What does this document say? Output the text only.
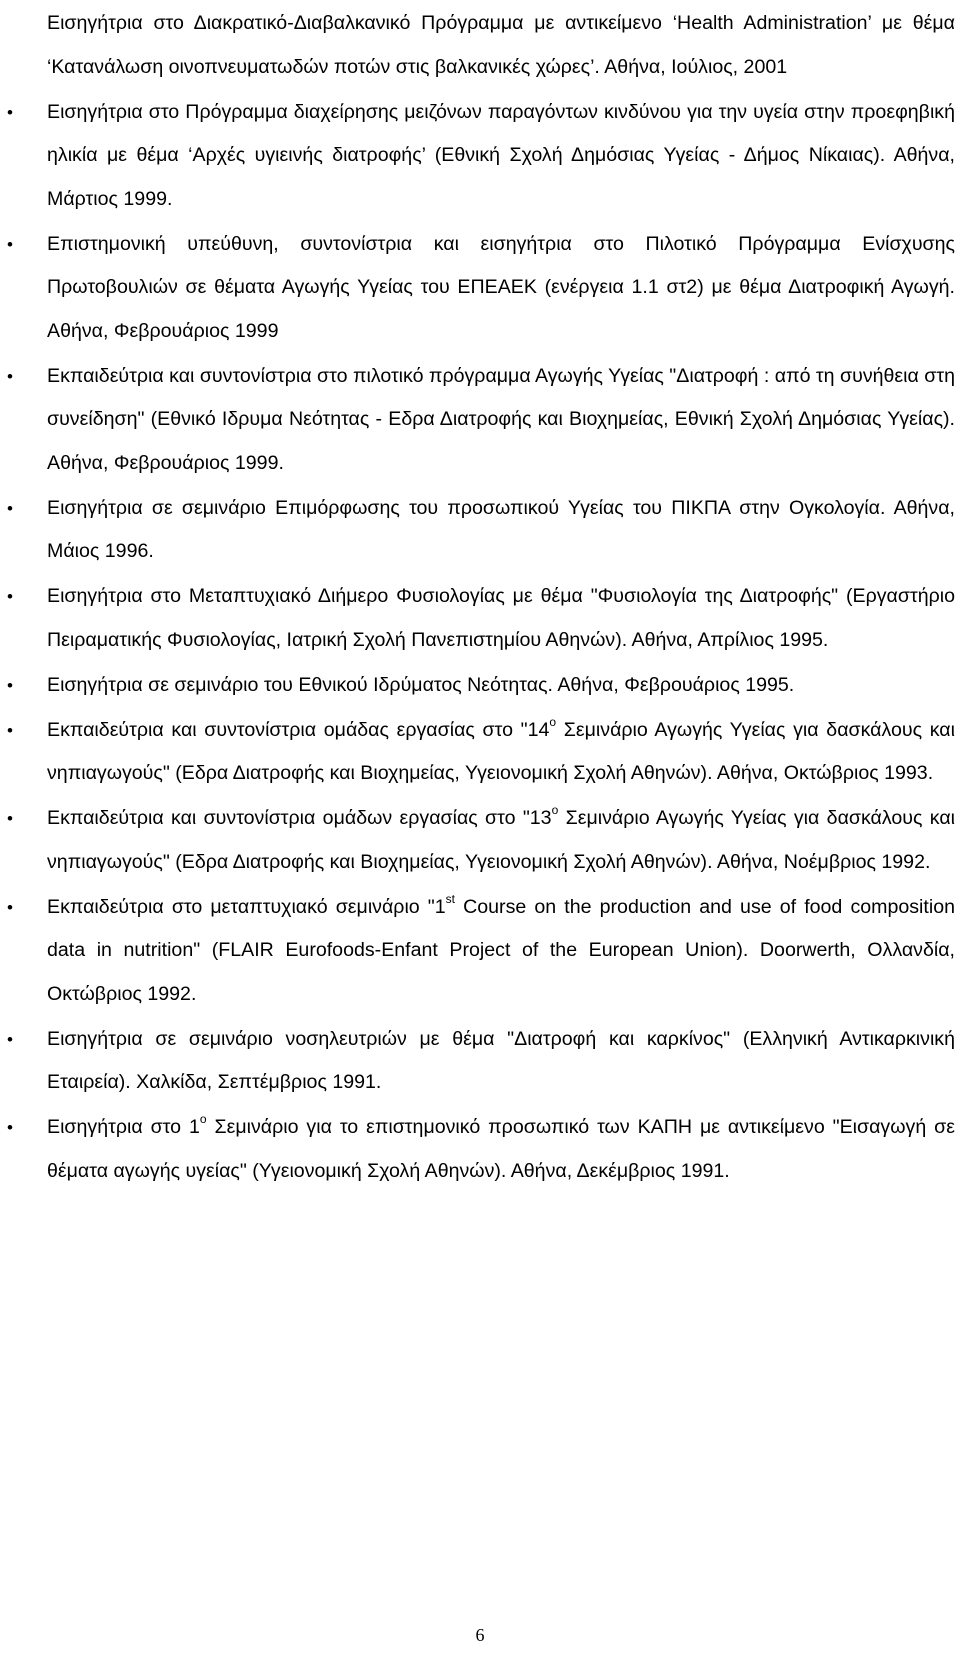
Εισηγήτρια στο Διακρατικό-Διαβαλκανικό Πρόγραμμα με αντικείμενο ‘Health Administration’ με θέμα ‘Κατανάλωση οινοπνευματωδών ποτών στις βαλκανικές χώρες’. Αθήνα, Ιούλιος, 2001
• Εισηγήτρια στο Πρόγραμμα διαχείρησης μειζόνων παραγόντων κινδύνου για την υγεία στην προεφηβική ηλικία με θέμα ‘Αρχές υγιεινής διατροφής’ (Εθνική Σχολή Δημόσιας Υγείας - Δήμος Νίκαιας). Αθήνα, Μάρτιος 1999.
• Επιστημονική υπεύθυνη, συντονίστρια και εισηγήτρια στο Πιλοτικό Πρόγραμμα Ενίσχυσης Πρωτοβουλιών σε θέματα Αγωγής Υγείας του ΕΠΕΑΕΚ (ενέργεια 1.1 στ2) με θέμα Διατροφική Αγωγή. Αθήνα, Φεβρουάριος 1999
• Εκπαιδεύτρια και συντονίστρια στο πιλοτικό πρόγραμμα Αγωγής Υγείας "Διατροφή : από τη συνήθεια στη συνείδηση" (Εθνικό Ιδρυμα Νεότητας - Εδρα Διατροφής και Βιοχημείας, Εθνική Σχολή Δημόσιας Υγείας). Αθήνα, Φεβρουάριος 1999.
• Εισηγήτρια σε σεμινάριο Επιμόρφωσης του προσωπικού Υγείας του ΠΙΚΠΑ στην Ογκολογία. Αθήνα, Μάιος 1996.
• Εισηγήτρια στο Μεταπτυχιακό Διήμερο Φυσιολογίας με θέμα "Φυσιολογία της Διατροφής" (Εργαστήριο Πειραματικής Φυσιολογίας, Ιατρική Σχολή Πανεπιστημίου Αθηνών). Αθήνα, Απρίλιος 1995.
• Εισηγήτρια σε σεμινάριο του Εθνικού Ιδρύματος Νεότητας. Αθήνα, Φεβρουάριος 1995.
• Εκπαιδεύτρια και συντονίστρια ομάδας εργασίας στο "$14^o$ Σεμινάριο Αγωγής Υγείας για δασκάλους και νηπιαγωγούς" (Εδρα Διατροφής και Βιοχημείας, Υγειονομική Σχολή Αθηνών). Αθήνα, Οκτώβριος 1993.
• Εκπαιδεύτρια και συντονίστρια ομάδων εργασίας στο "$13^o$ Σεμινάριο Αγωγής Υγείας για δασκάλους και νηπιαγωγούς" (Εδρα Διατροφής και Βιοχημείας, Υγειονομική Σχολή Αθηνών). Αθήνα, Νοέμβριος 1992.
• Εκπαιδεύτρια στο μεταπτυχιακό σεμινάριο "1st Course on the production and use of food composition data in nutrition" (FLAIR Eurofoods-Enfant Project of the European Union). Doorwerth, Ολλανδία, Οκτώβριος 1992.
• Εισηγήτρια σε σεμινάριο νοσηλευτριών με θέμα "Διατροφή και καρκίνος" (Ελληνική Αντικαρκινική Εταιρεία). Χαλκίδα, Σεπτέμβριος 1991.
• Εισηγήτρια στο $1^o$ Σεμινάριο για το επιστημονικό προσωπικό των ΚΑΠΗ με αντικείμενο "Εισαγωγή σε θέματα αγωγής υγείας" (Υγειονομική Σχολή Αθηνών). Αθήνα, Δεκέμβριος 1991.
6
